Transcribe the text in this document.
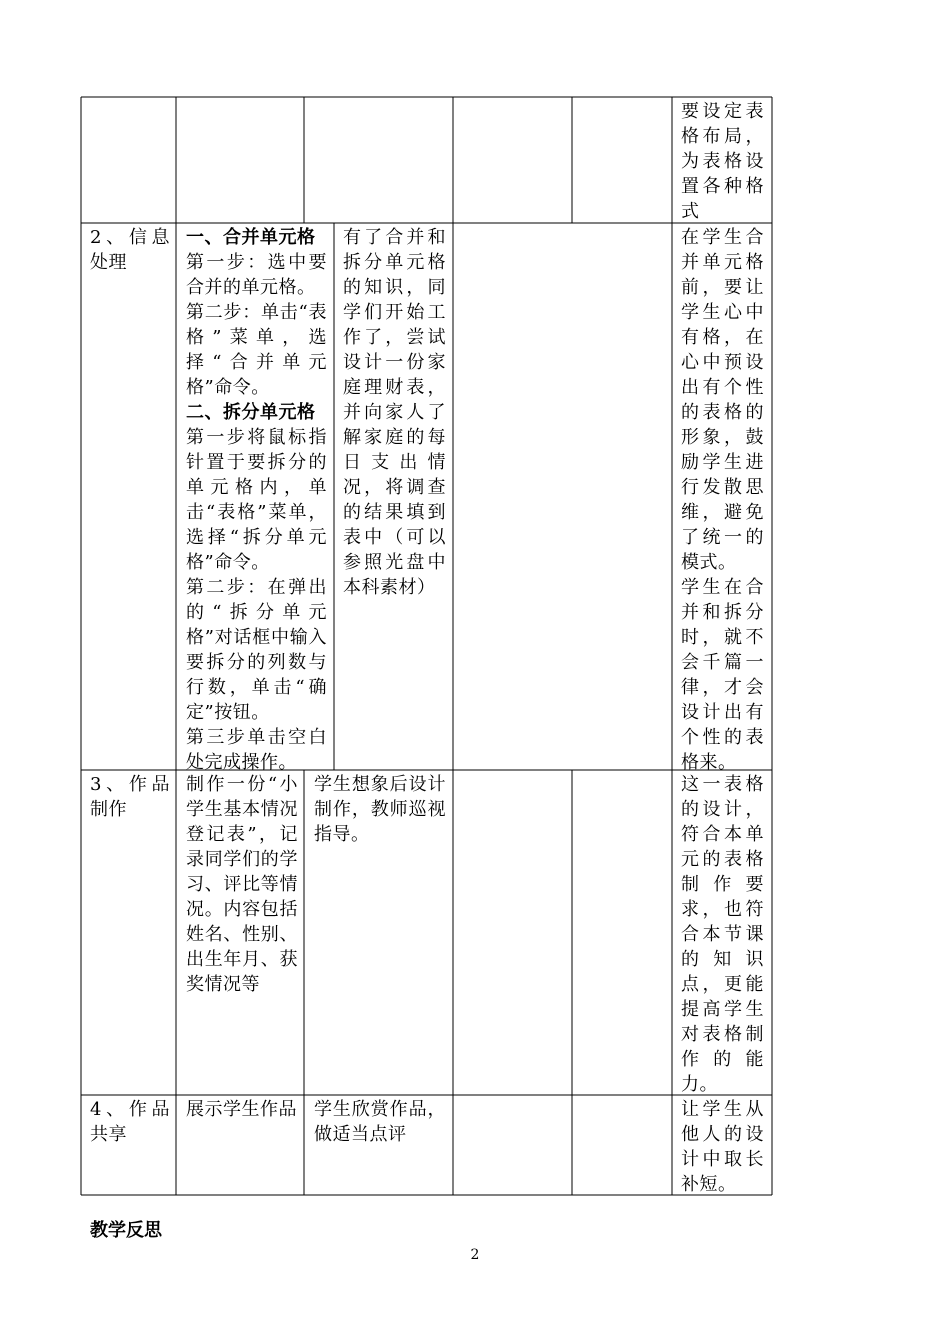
要设定表格布局，为表格设置各种格式

2、信息处理

一、合并单元格

第一步：选中要合并的单元格。

第二步：单击“表格”菜单，选择“合并单元格”命令。

二、拆分单元格

第一步将鼠标指针置于要拆分的单元格内，单击“表格”菜单，选择“拆分单元格”命令。

第二步：在弹出的“拆分单元格”对话框中输入要拆分的列数与行数，单击“确定”按钮。

第三步单击空白处完成操作。

有了合并和拆分单元格的知识，同学们开始工作了，尝试设计一份家庭理财表，并向家人了解家庭的每日支出情况，将调查的结果填到表中（可以参照光盘中本科素材）

在学生合并单元格前，要让学生心中有格，在心中预设出有个性的表格的形象，鼓励学生进行发散思维，避免了统一的模式。

学生在合并和拆分时，就不会千篇一律，才会设计出有个性的表格来。

3、作品制作

制作一份“小学生基本情况登记表”，记录同学们的学习、评比等情况。内容包括姓名、性别、出生年月、获奖情况等

学生想象后设计制作，教师巡视指导。

这一表格的设计，符合本单元的表格制作要求，也符合本节课的知识点，更能提高学生对表格制作的能力。

4、作品共享

展示学生作品 学生欣赏作品，做适当点评

让学生从他人的设计中取长补短。

教学反思
2
